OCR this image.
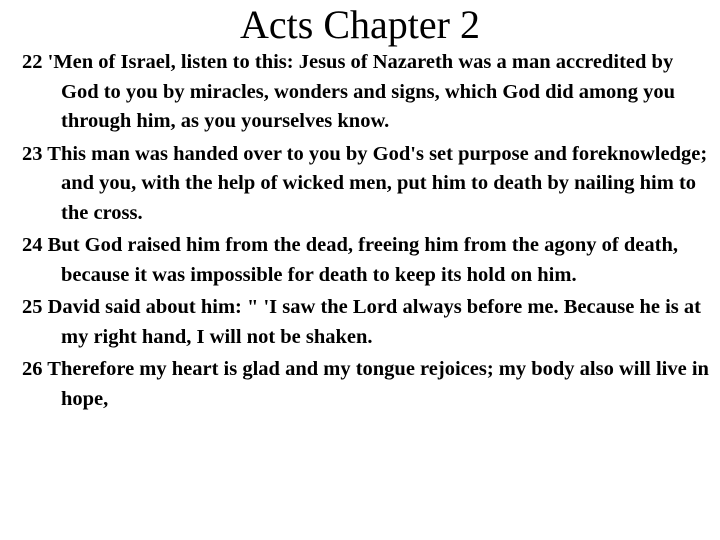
Acts Chapter 2
22 'Men of Israel, listen to this: Jesus of Nazareth was a man accredited by God to you by miracles, wonders and signs, which God did among you through him, as you yourselves know.
23 This man was handed over to you by God's set purpose and foreknowledge; and you, with the help of wicked men, put him to death by nailing him to the cross.
24 But God raised him from the dead, freeing him from the agony of death, because it was impossible for death to keep its hold on him.
25 David said about him: " 'I saw the Lord always before me. Because he is at my right hand, I will not be shaken.
26 Therefore my heart is glad and my tongue rejoices; my body also will live in hope,
